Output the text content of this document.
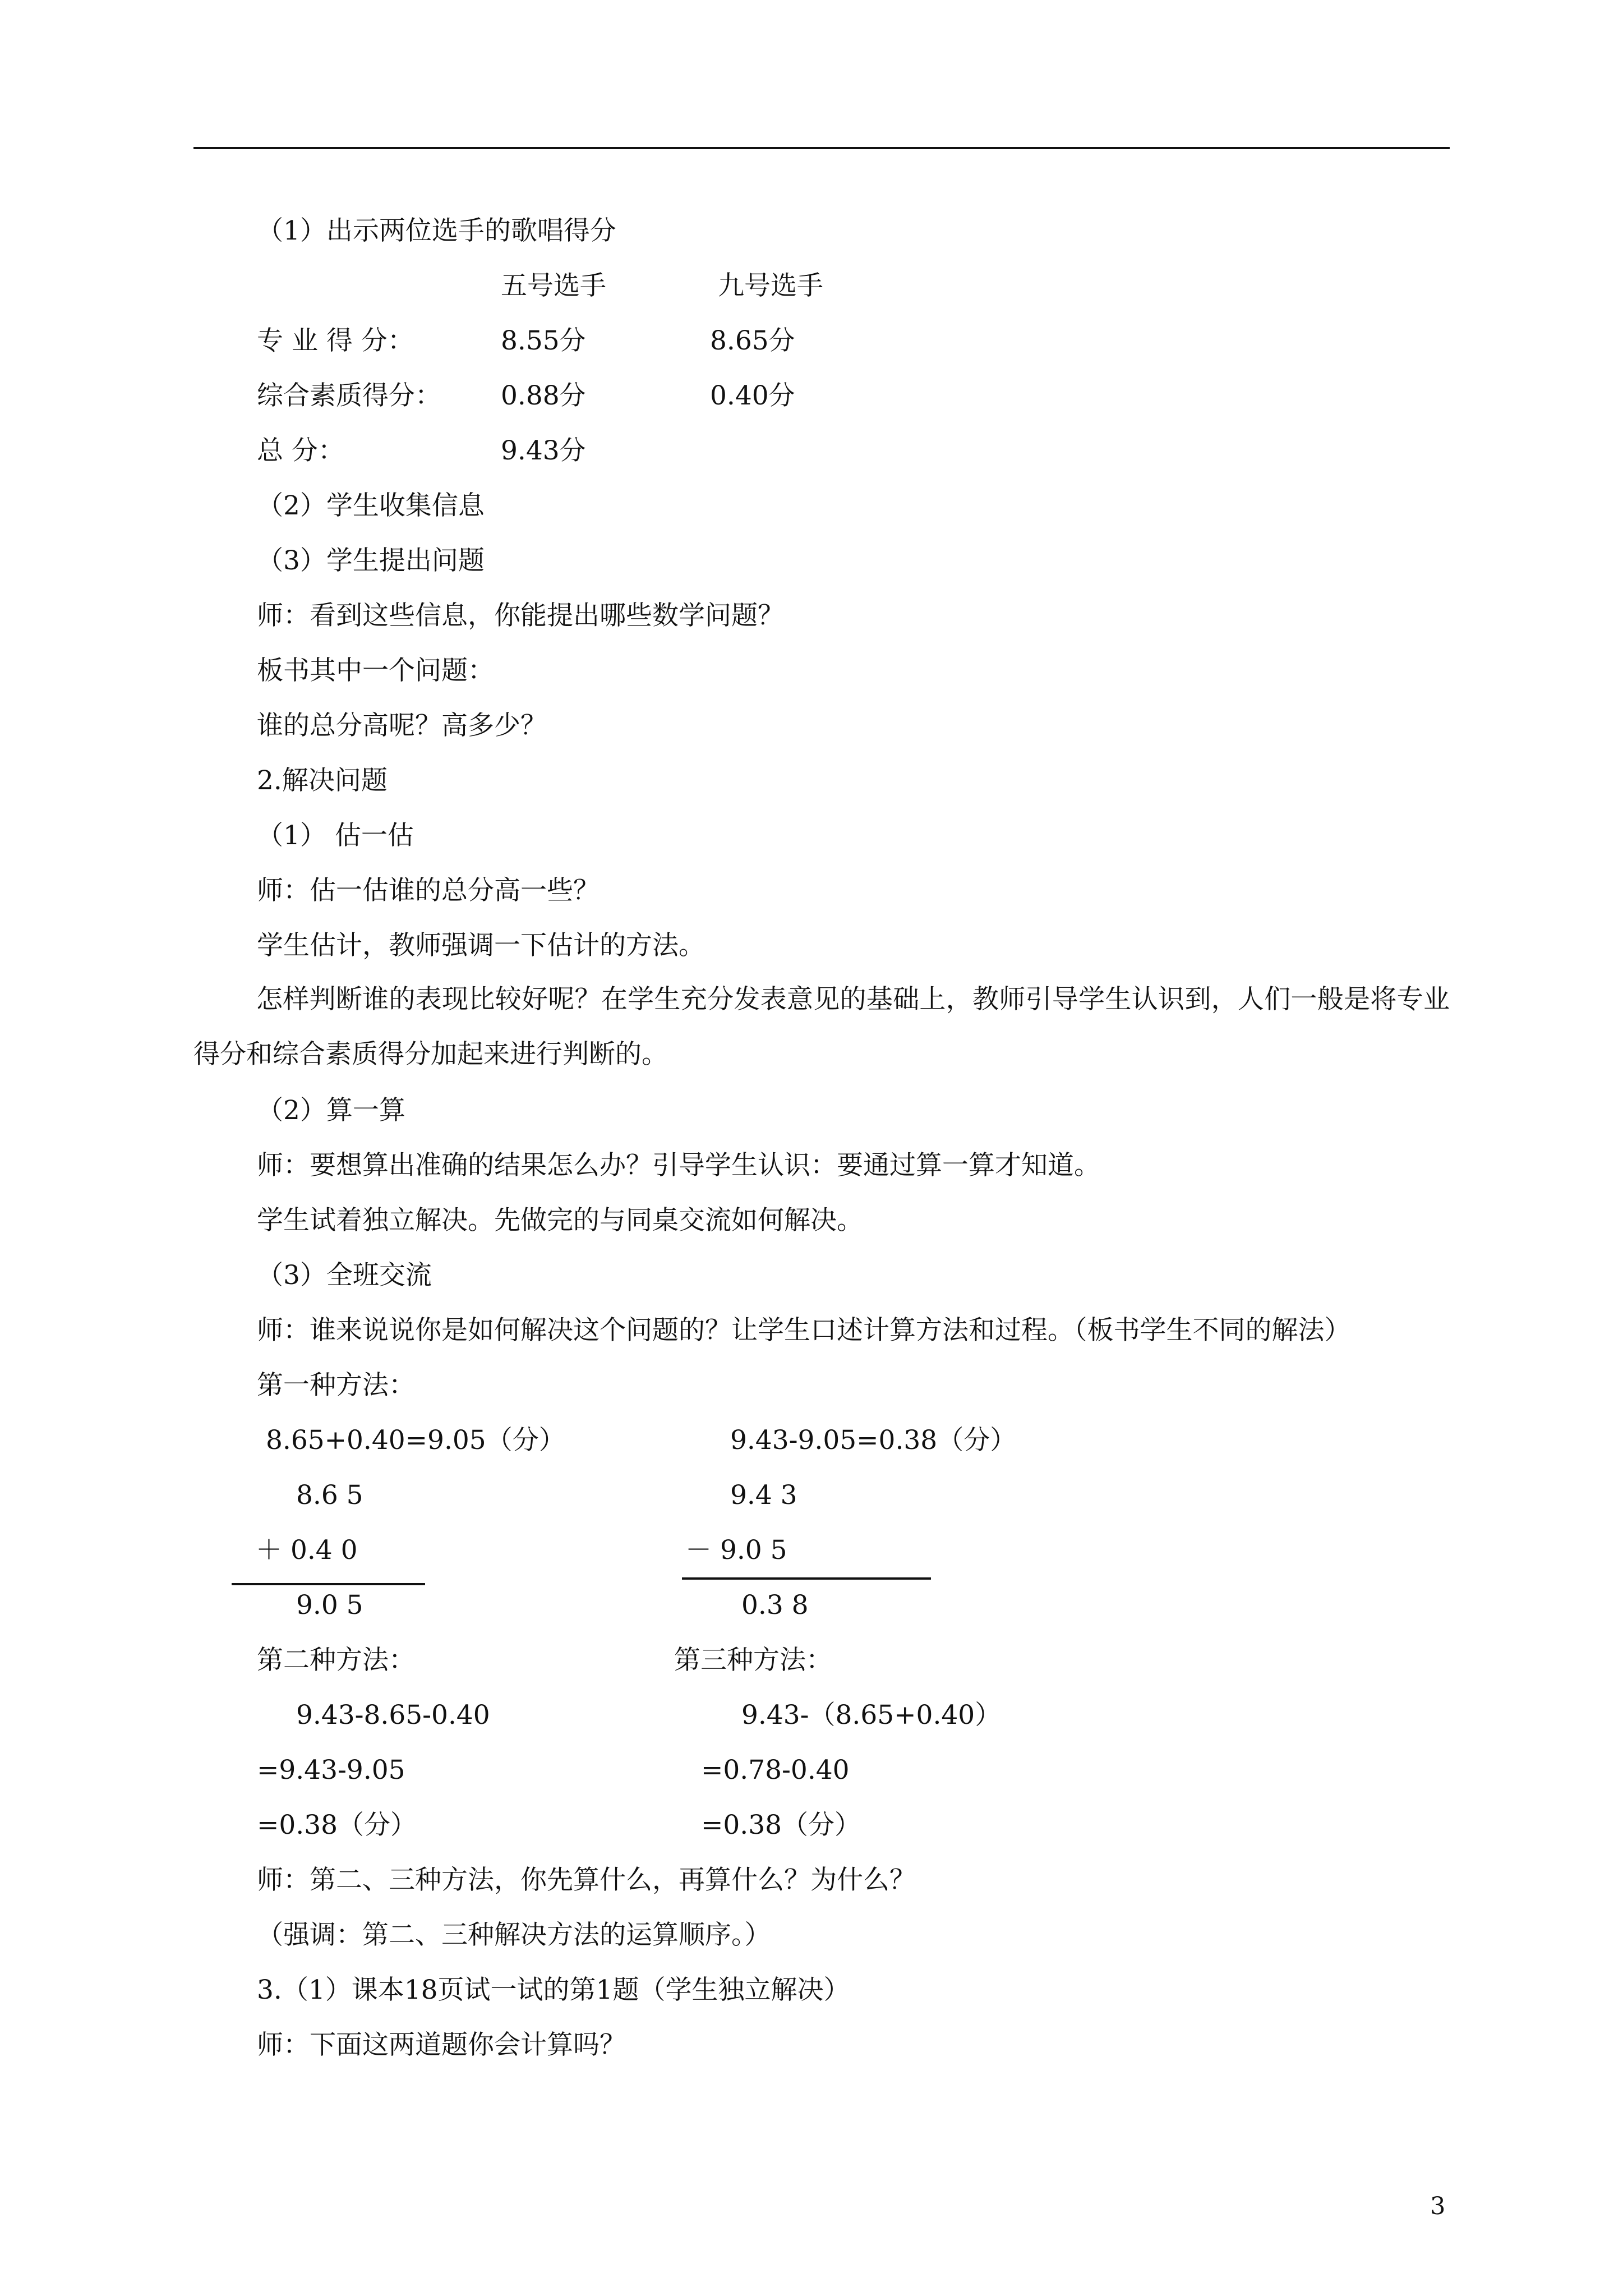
（1）出示两位选手的歌唱得分
五号选手	九号选手
专 业 得 分：	8.55分	8.65分
综合素质得分： 0.88分	0.40分
总 分：	9.43分
（2）学生收集信息
（3）学生提出问题
师：看到这些信息，你能提出哪些数学问题？
板书其中一个问题：
谁的总分高呢？高多少？
2.解决问题
（1） 估一估
师：估一估谁的总分高一些？
学生估计，教师强调一下估计的方法。
怎样判断谁的表现比较好呢？在学生充分发表意见的基础上，教师引导学生认识到，人们一般是将专业得分和综合素质得分加起来进行判断的。
（2）算一算
师：要想算出准确的结果怎么办？引导学生认识：要通过算一算才知道。
学生试着独立解决。先做完的与同桌交流如何解决。
（3）全班交流
师：谁来说说你是如何解决这个问题的？让学生口述计算方法和过程。（板书学生不同的解法）
第一种方法：
8.65+0.40=9.05（分）	9.43-9.05=0.38（分）
8.6 5	9.4 3
＋ 0.4 0	－ 9.0 5
9.0 5	0.3 8
第二种方法：	第三种方法：
9.43-8.65-0.40	9.43-（8.65+0.40）
=9.43-9.05	=0.78-0.40
=0.38（分）	=0.38（分）
师：第二、三种方法，你先算什么，再算什么？为什么？
（强调：第二、三种解决方法的运算顺序。）
3.（1）课本18页试一试的第1题（学生独立解决）
师：下面这两道题你会计算吗？
3
